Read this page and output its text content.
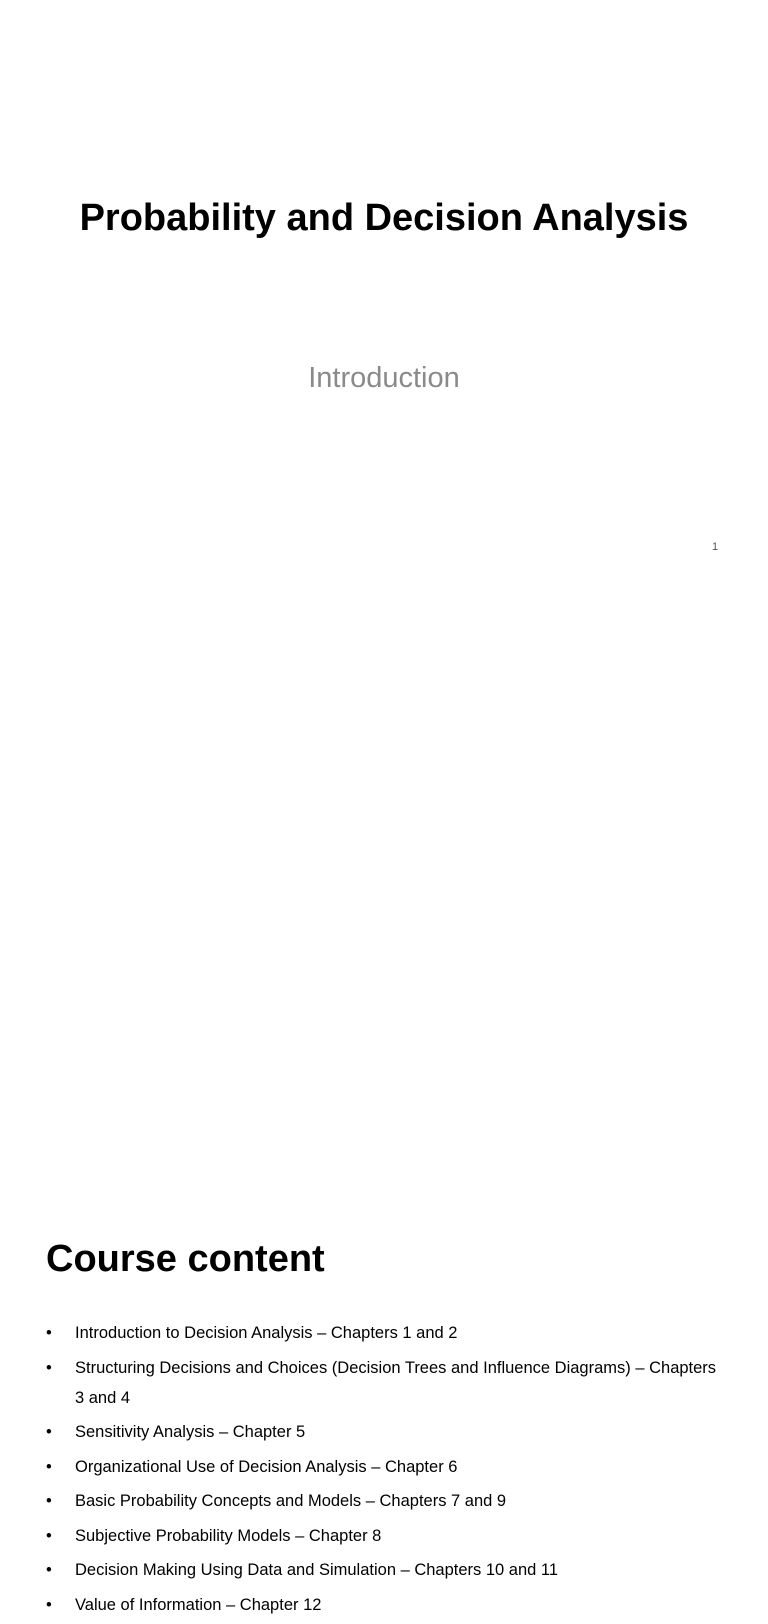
Probability and Decision Analysis

Introduction

1
Course content
• Introduction to Decision Analysis – Chapters 1 and 2
• Structuring Decisions and Choices (Decision Trees and Influence Diagrams) – Chapters 3 and 4
• Sensitivity Analysis – Chapter 5
• Organizational Use of Decision Analysis – Chapter 6
• Basic Probability Concepts and Models – Chapters 7 and 9
• Subjective Probability Models – Chapter 8
• Decision Making Using Data and Simulation – Chapters 10 and 11
• Value of Information – Chapter 12
